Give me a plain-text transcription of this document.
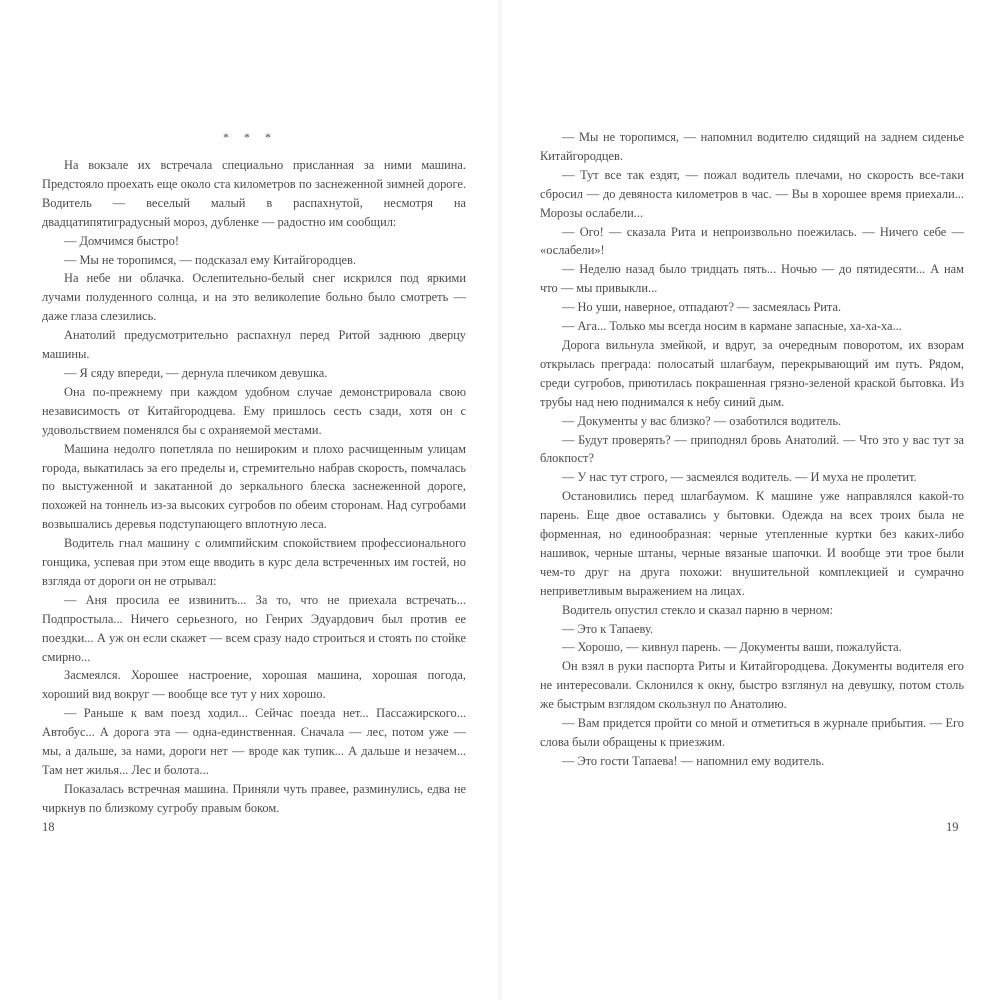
* * *

На вокзале их встречала специально присланная за ними машина. Предстояло проехать еще около ста километров по заснеженной зимней дороге. Водитель — веселый малый в распахнутой, несмотря на двадцатипятиградусный мороз, дубленке — радостно им сообщил:

— Домчимся быстро!

— Мы не торопимся, — подсказал ему Китайгородцев.

На небе ни облачка. Ослепительно-белый снег искрился под яркими лучами полуденного солнца, и на это великолепие больно было смотреть — даже глаза слезились.

Анатолий предусмотрительно распахнул перед Ритой заднюю дверцу машины.

— Я сяду впереди, — дернула плечиком девушка.

Она по-прежнему при каждом удобном случае демонстрировала свою независимость от Китайгородцева. Ему пришлось сесть сзади, хотя он с удовольствием поменялся бы с охраняемой местами.

Машина недолго попетляла по нешироким и плохо расчищенным улицам города, выкатилась за его пределы и, стремительно набрав скорость, помчалась по выстуженной и закатанной до зеркального блеска заснеженной дороге, похожей на тоннель из-за высоких сугробов по обеим сторонам. Над сугробами возвышались деревья подступающего вплотную леса.

Водитель гнал машину с олимпийским спокойствием профессионального гонщика, успевая при этом еще вводить в курс дела встреченных им гостей, но взгляда от дороги он не отрывал:

— Аня просила ее извинить... За то, что не приехала встречать... Подпростыла... Ничего серьезного, но Генрих Эдуардович был против ее поездки... А уж он если скажет — всем сразу надо строиться и стоять по стойке смирно...

Засмеялся. Хорошее настроение, хорошая машина, хорошая погода, хороший вид вокруг — вообще все тут у них хорошо.

— Раньше к вам поезд ходил... Сейчас поезда нет... Пассажирского... Автобус... А дорога эта — одна-единственная. Сначала — лес, потом уже — мы, а дальше, за нами, дороги нет — вроде как тупик... А дальше и незачем... Там нет жилья... Лес и болота...

Показалась встречная машина. Приняли чуть правее, разминулись, едва не чиркнув по близкому сугробу правым боком.

18

— Мы не торопимся, — напомнил водителю сидящий на заднем сиденье Китайгородцев.

— Тут все так ездят, — пожал водитель плечами, но скорость все-таки сбросил — до девяноста километров в час. — Вы в хорошее время приехали... Морозы ослабели...

— Ого! — сказала Рита и непроизвольно поежилась. — Ничего себе — «ослабели»!

— Неделю назад было тридцать пять... Ночью — до пятидесяти... А нам что — мы привыкли...

— Но уши, наверное, отпадают? — засмеялась Рита.

— Ага... Только мы всегда носим в кармане запасные, ха-ха-ха...

Дорога вильнула змейкой, и вдруг, за очередным поворотом, их взорам открылась преграда: полосатый шлагбаум, перекрывающий им путь. Рядом, среди сугробов, приютилась покрашенная грязно-зеленой краской бытовка. Из трубы над нею поднимался к небу синий дым.

— Документы у вас близко? — озаботился водитель.

— Будут проверять? — приподнял бровь Анатолий. — Что это у вас тут за блокпост?

— У нас тут строго, — засмеялся водитель. — И муха не пролетит.

Остановились перед шлагбаумом. К машине уже направлялся какой-то парень. Еще двое оставались у бытовки. Одежда на всех троих была не форменная, но единообразная: черные утепленные куртки без каких-либо нашивок, черные штаны, черные вязаные шапочки. И вообще эти трое были чем-то друг на друга похожи: внушительной комплекцией и сумрачно неприветливым выражением на лицах.

Водитель опустил стекло и сказал парню в черном:

— Это к Тапаеву.

— Хорошо, — кивнул парень. — Документы ваши, пожалуйста.

Он взял в руки паспорта Риты и Китайгородцева. Документы водителя его не интересовали. Склонился к окну, быстро взглянул на девушку, потом столь же быстрым взглядом скользнул по Анатолию.

— Вам придется пройти со мной и отметиться в журнале прибытия. — Его слова были обращены к приезжим.

— Это гости Тапаева! — напомнил ему водитель.

19
